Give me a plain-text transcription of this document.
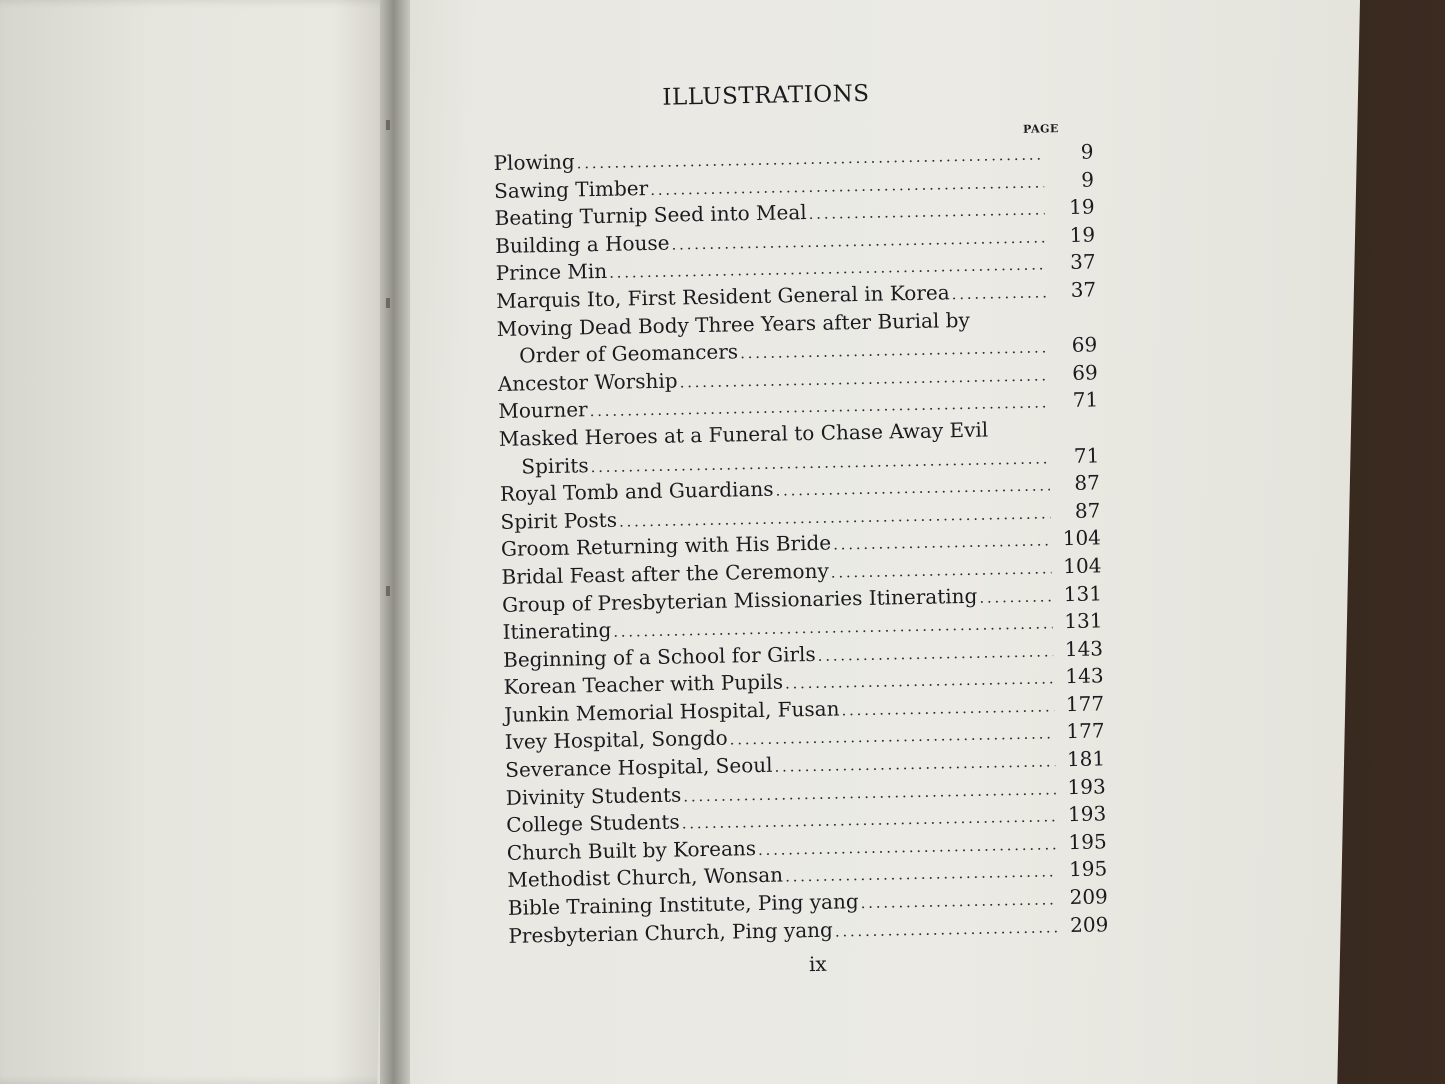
ILLUSTRATIONS
PAGE
Plowing . . .	9
Sawing Timber . . .	9
Beating Turnip Seed into Meal . . .	19
Building a House . . .	19
Prince Min . . .	37
Marquis Ito, First Resident General in Korea . . .	37
Moving Dead Body Three Years after Burial by
Order of Geomancers . . .	69
Ancestor Worship . . .	69
Mourner . . .	71
Masked Heroes at a Funeral to Chase Away Evil
Spirits . . .	71
Royal Tomb and Guardians . . .	87
Spirit Posts . . .	87
Groom Returning with His Bride . . .	104
Bridal Feast after the Ceremony . . .	104
Group of Presbyterian Missionaries Itinerating . . .	131
Itinerating . . .	131
Beginning of a School for Girls . . .	143
Korean Teacher with Pupils . . .	143
Junkin Memorial Hospital, Fusan . . .	177
Ivey Hospital, Songdo . . .	177
Severance Hospital, Seoul . . .	181
Divinity Students . . .	193
College Students . . .	193
Church Built by Koreans . . .	195
Methodist Church, Wonsan . . .	195
Bible Training Institute, Ping yang . . .	209
Presbyterian Church, Ping yang . . .	209
ix
